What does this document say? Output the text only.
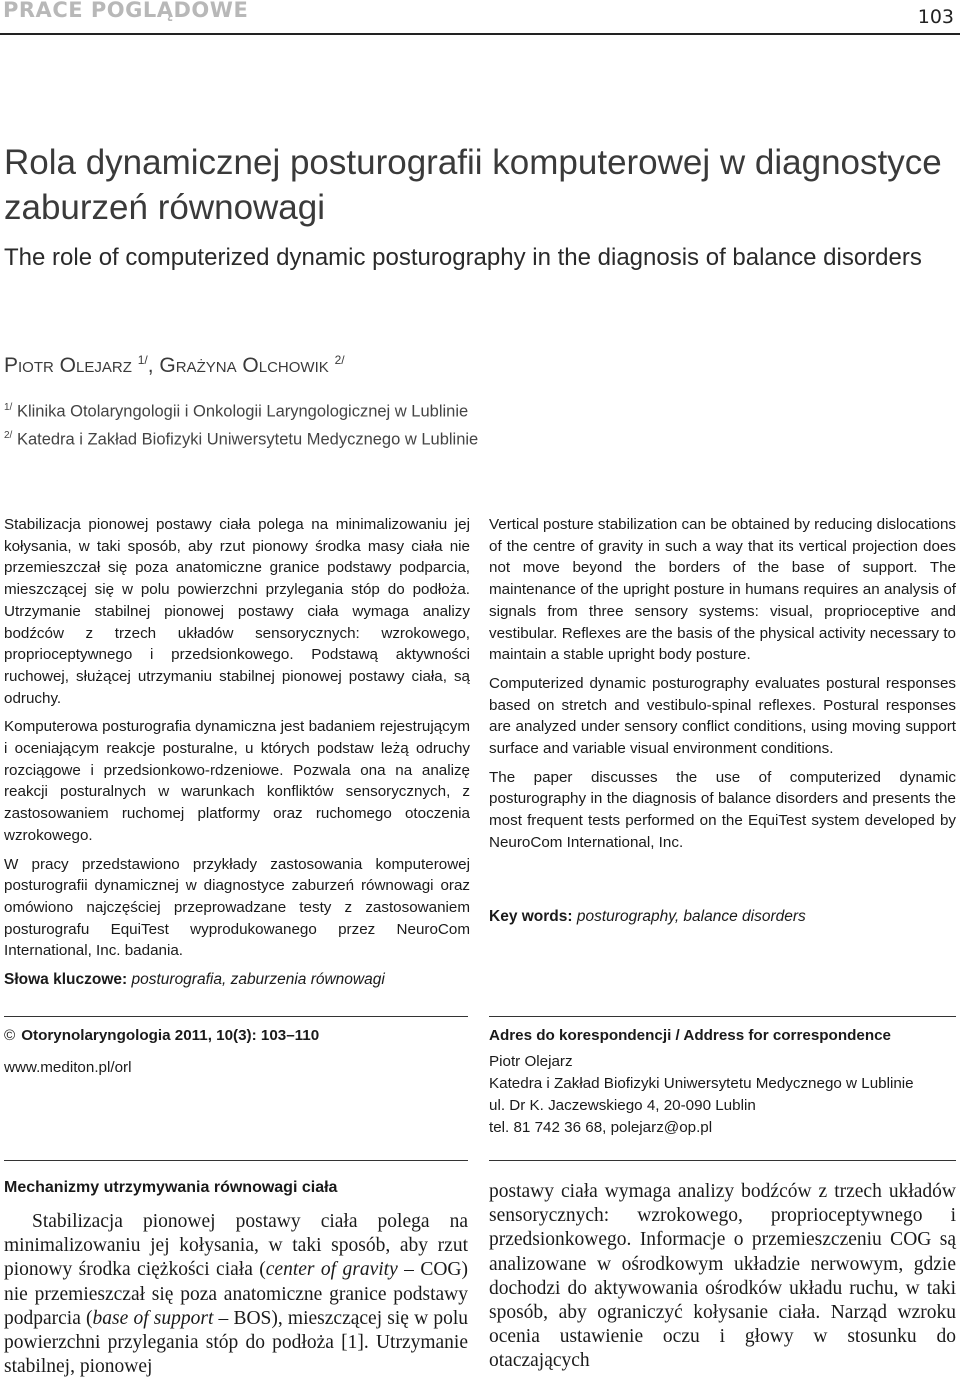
PRACE POGLĄDOWE	103
Rola dynamicznej posturografii komputerowej w diagnostyce zaburzeń równowagi
The role of computerized dynamic posturography in the diagnosis of balance disorders
Piotr Olejarz $^{1/}$, Grażyna Olchowik $^{2/}$
$^{1/}$ Klinika Otolaryngologii i Onkologii Laryngologicznej w Lublinie
$^{2/}$ Katedra i Zakład Biofizyki Uniwersytetu Medycznego w Lublinie

Stabilizacja pionowej postawy ciała polega na minimalizowaniu jej kołysania, w taki sposób, aby rzut pionowy środka masy ciała nie przemieszczał się poza anatomiczne granice podstawy podparcia, mieszczącej się w polu powierzchni przylegania stóp do podłoża. Utrzymanie stabilnej pionowej postawy ciała wymaga analizy bodźców z trzech układów sensorycznych: wzrokowego, proprioceptywnego i przedsionkowego. Podstawą aktywności ruchowej, służącej utrzymaniu stabilnej pionowej postawy ciała, są odruchy.

Komputerowa posturografia dynamiczna jest badaniem rejestrującym i oceniającym reakcje posturalne, u których podstaw leżą odruchy rozciągowe i przedsionkowo-rdzeniowe. Pozwala ona na analizę reakcji posturalnych w warunkach konfliktów sensorycznych, z zastosowaniem ruchomej platformy oraz ruchomego otoczenia wzrokowego.

W pracy przedstawiono przykłady zastosowania komputerowej posturografii dynamicznej w diagnostyce zaburzeń równowagi oraz omówiono najczęściej przeprowadzane testy z zastosowaniem posturografu EquiTest wyprodukowanego przez NeuroCom International, Inc. badania.

Słowa kluczowe: posturografia, zaburzenia równowagi

Vertical posture stabilization can be obtained by reducing dislocations of the centre of gravity in such a way that its vertical projection does not move beyond the borders of the base of support. The maintenance of the upright posture in humans requires an analysis of signals from three sensory systems: visual, proprioceptive and vestibular. Reflexes are the basis of the physical activity necessary to maintain a stable upright body posture.

Computerized dynamic posturography evaluates postural responses based on stretch and vestibulo-spinal reflexes. Postural responses are analyzed under sensory conflict conditions, using moving support surface and variable visual environment conditions.

The paper discusses the use of computerized dynamic posturography in the diagnosis of balance disorders and presents the most frequent tests performed on the EquiTest system developed by NeuroCom International, Inc.

Key words: posturography, balance disorders
© Otorynolaryngologia 2011, 10(3): 103–110
www.mediton.pl/orl
Adres do korespondencji / Address for correspondence
Piotr Olejarz
Katedra i Zakład Biofizyki Uniwersytetu Medycznego w Lublinie
ul. Dr K. Jaczewskiego 4, 20-090 Lublin
tel. 81 742 36 68, polejarz@op.pl
Mechanizmy utrzymywania równowagi ciała
Stabilizacja pionowej postawy ciała polega na minimalizowaniu jej kołysania, w taki sposób, aby rzut pionowy środka ciężkości ciała (center of gravity – COG) nie przemieszczał się poza anatomiczne granice podstawy podparcia (base of support – BOS), mieszczącej się w polu powierzchni przylegania stóp do podłoża [1]. Utrzymanie stabilnej, pionowej
postawy ciała wymaga analizy bodźców z trzech układów sensorycznych: wzrokowego, proprioceptywnego i przedsionkowego. Informacje o przemieszczeniu COG są analizowane w ośrodkowym układzie nerwowym, gdzie dochodzi do aktywowania ośrodków układu ruchu, w taki sposób, aby ograniczyć kołysanie ciała. Narząd wzroku ocenia ustawienie oczu i głowy w stosunku do otaczających
